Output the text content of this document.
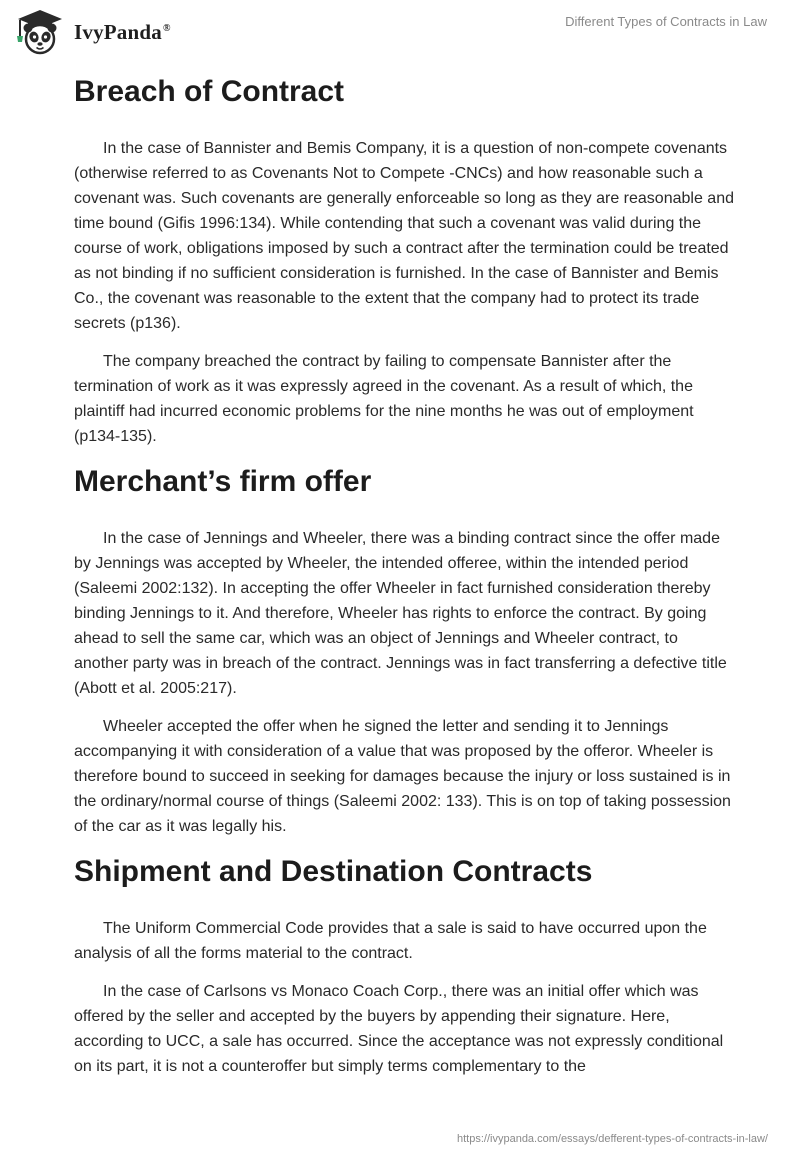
IvyPanda®	Different Types of Contracts in Law
Breach of Contract

In the case of Bannister and Bemis Company, it is a question of non-compete covenants (otherwise referred to as Covenants Not to Compete -CNCs) and how reasonable such a covenant was. Such covenants are generally enforceable so long as they are reasonable and time bound (Gifis 1996:134). While contending that such a covenant was valid during the course of work, obligations imposed by such a contract after the termination could be treated as not binding if no sufficient consideration is furnished. In the case of Bannister and Bemis Co., the covenant was reasonable to the extent that the company had to protect its trade secrets (p136).

The company breached the contract by failing to compensate Bannister after the termination of work as it was expressly agreed in the covenant. As a result of which, the plaintiff had incurred economic problems for the nine months he was out of employment (p134-135).

Merchant’s firm offer

In the case of Jennings and Wheeler, there was a binding contract since the offer made by Jennings was accepted by Wheeler, the intended offeree, within the intended period (Saleemi 2002:132). In accepting the offer Wheeler in fact furnished consideration thereby binding Jennings to it. And therefore, Wheeler has rights to enforce the contract. By going ahead to sell the same car, which was an object of Jennings and Wheeler contract, to another party was in breach of the contract. Jennings was in fact transferring a defective title (Abott et al. 2005:217).

Wheeler accepted the offer when he signed the letter and sending it to Jennings accompanying it with consideration of a value that was proposed by the offeror. Wheeler is therefore bound to succeed in seeking for damages because the injury or loss sustained is in the ordinary/normal course of things (Saleemi 2002: 133). This is on top of taking possession of the car as it was legally his.

Shipment and Destination Contracts

The Uniform Commercial Code provides that a sale is said to have occurred upon the analysis of all the forms material to the contract.

In the case of Carlsons vs Monaco Coach Corp., there was an initial offer which was offered by the seller and accepted by the buyers by appending their signature. Here, according to UCC, a sale has occurred. Since the acceptance was not expressly conditional on its part, it is not a counteroffer but simply terms complementary to the

https://ivypanda.com/essays/defferent-types-of-contracts-in-law/
